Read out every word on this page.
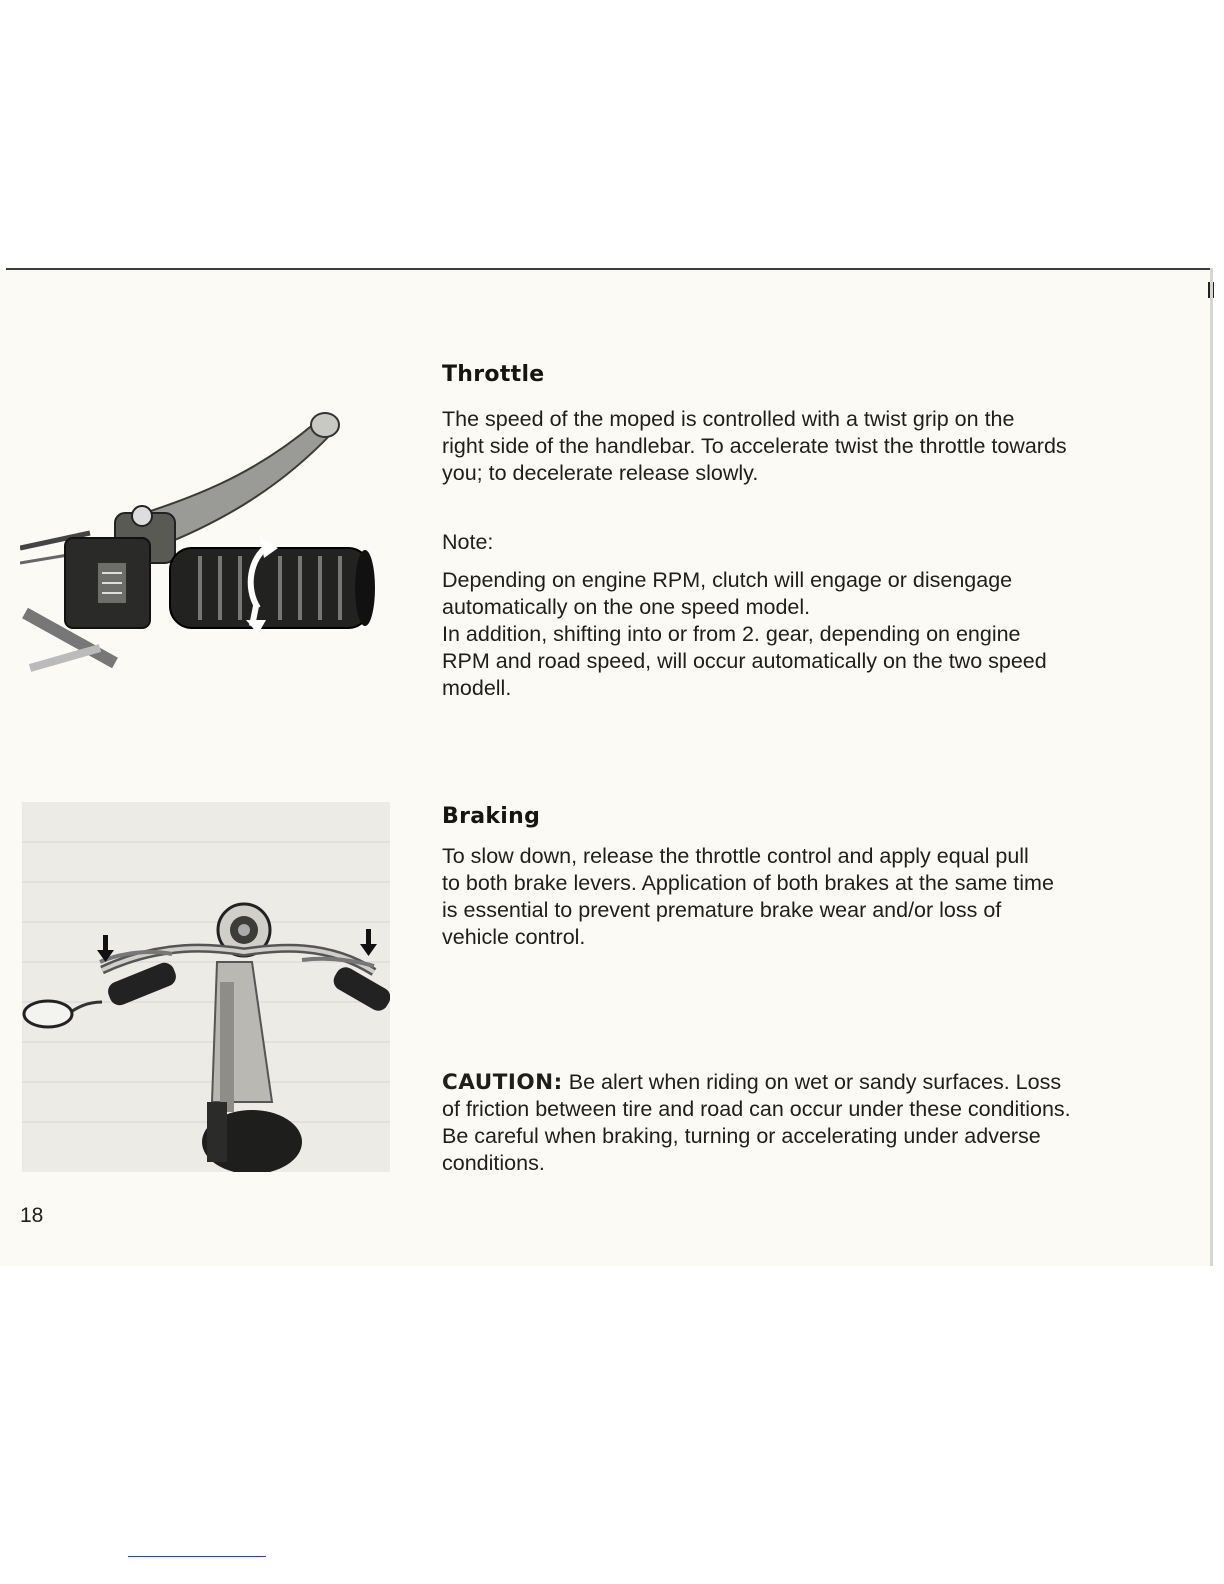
Throttle
The speed of the moped is controlled with a twist grip on the
right side of the handlebar. To accelerate twist the throttle towards
you; to decelerate release slowly.
Note:
Depending on engine RPM, clutch will engage or disengage
automatically on the one speed model.
In addition, shifting into or from 2. gear, depending on engine
RPM and road speed, will occur automatically on the two speed
modell.
Braking
To slow down, release the throttle control and apply equal pull
to both brake levers. Application of both brakes at the same time
is essential to prevent premature brake wear and/or loss of
vehicle control.
CAUTION: Be alert when riding on wet or sandy surfaces. Loss
of friction between tire and road can occur under these conditions.
Be careful when braking, turning or accelerating under adverse
conditions.
18
